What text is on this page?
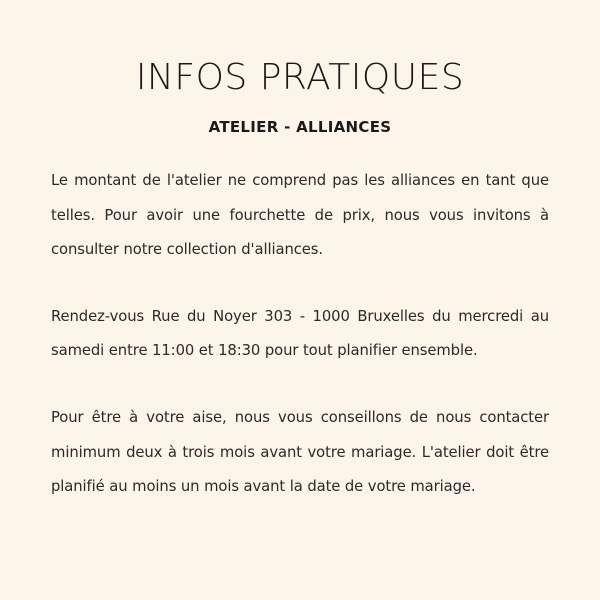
INFOS PRATIQUES
ATELIER - ALLIANCES

Le montant de l'atelier ne comprend pas les alliances en tant que telles. Pour avoir une fourchette de prix, nous vous invitons à consulter notre collection d'alliances.

Rendez-vous Rue du Noyer 303 - 1000 Bruxelles du mercredi au samedi entre 11:00 et 18:30 pour tout planifier ensemble.

Pour être à votre aise, nous vous conseillons de nous contacter minimum deux à trois mois avant votre mariage. L'atelier doit être planifié au moins un mois avant la date de votre mariage.
